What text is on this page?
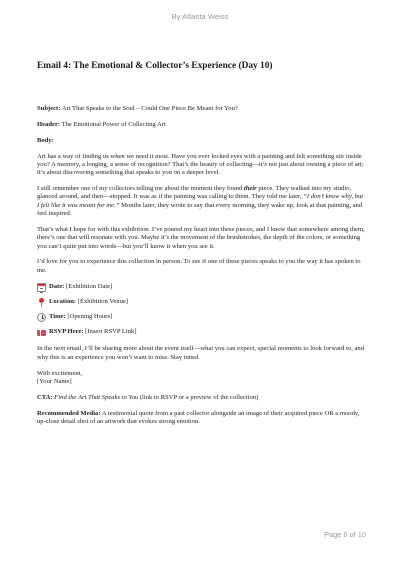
By Atlanta Weiss
Email 4: The Emotional & Collector’s Experience (Day 10)

Subject: Art That Speaks to the Soul – Could One Piece Be Meant for You?

Header: The Emotional Power of Collecting Art

Body:

Art has a way of finding us when we need it most. Have you ever locked eyes with a painting and felt something stir inside you? A memory, a longing, a sense of recognition? That’s the beauty of collecting—it’s not just about owning a piece of art; it’s about discovering something that speaks to you on a deeper level.

I still remember one of my collectors telling me about the moment they found their piece. They walked into my studio, glanced around, and then—stopped. It was as if the painting was calling to them. They told me later, “I don’t know why, but I felt like it was meant for me.” Months later, they wrote to say that every morning, they wake up, look at that painting, and feel inspired.

That’s what I hope for with this exhibition. I’ve poured my heart into these pieces, and I know that somewhere among them, there’s one that will resonate with you. Maybe it’s the movement of the brushstrokes, the depth of the colors, or something you can’t quite put into words—but you’ll know it when you see it.

I’d love for you to experience this collection in person. To see if one of these pieces speaks to you the way it has spoken to me.

Date: [Exhibition Date]
Location: [Exhibition Venue]
Time: [Opening Hours]
RSVP Here: [Insert RSVP Link]

In the next email, I’ll be sharing more about the event itself—what you can expect, special moments to look forward to, and why this is an experience you won’t want to miss. Stay tuned.

With excitement,
[Your Name]

CTA: Find the Art That Speaks to You (link to RSVP or a preview of the collection)

Recommended Media: A testimonial quote from a past collector alongside an image of their acquired piece OR a moody, up-close detail shot of an artwork that evokes strong emotion.

Page 6 of 10
